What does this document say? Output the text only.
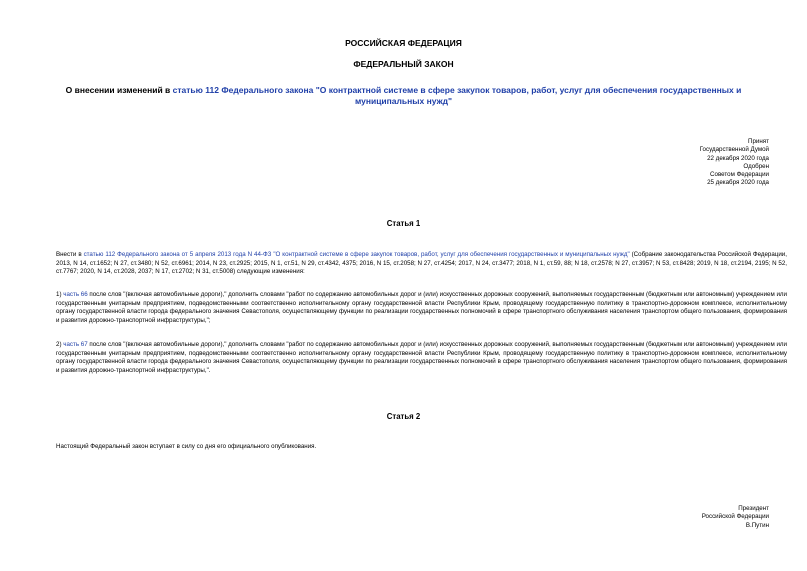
РОССИЙСКАЯ ФЕДЕРАЦИЯ
ФЕДЕРАЛЬНЫЙ ЗАКОН
О внесении изменений в статью 112 Федерального закона "О контрактной системе в сфере закупок товаров, работ, услуг для обеспечения государственных и муниципальных нужд"
Принят
Государственной Думой
22 декабря 2020 года
Одобрен
Советом Федерации
25 декабря 2020 года
Статья 1
Внести в статью 112 Федерального закона от 5 апреля 2013 года N 44-ФЗ "О контрактной системе в сфере закупок товаров, работ, услуг для обеспечения государственных и муниципальных нужд" (Собрание законодательства Российской Федерации, 2013, N 14, ст.1652; N 27, ст.3480; N 52, ст.6961; 2014, N 23, ст.2925; 2015, N 1, ст.51, N 29, ст.4342, 4375; 2016, N 15, ст.2058; N 27, ст.4254; 2017, N 24, ст.3477; 2018, N 1, ст.59, 88; N 18, ст.2578; N 27, ст.3957; N 53, ст.8428; 2019, N 18, ст.2194, 2195; N 52, ст.7767; 2020, N 14, ст.2028, 2037; N 17, ст.2702; N 31, ст.5008) следующие изменения:
1) часть 66 после слов "(включая автомобильные дороги)," дополнить словами "работ по содержанию автомобильных дорог и (или) искусственных дорожных сооружений, выполняемых государственным (бюджетным или автономным) учреждением или государственным унитарным предприятием, подведомственными соответственно исполнительному органу государственной власти Республики Крым, проводящему государственную политику в транспортно-дорожном комплексе, исполнительному органу государственной власти города федерального значения Севастополя, осуществляющему функции по реализации государственных полномочий в сфере транспортного обслуживания населения транспортом общего пользования, формирования и развития дорожно-транспортной инфраструктуры,";
2) часть 67 после слов "(включая автомобильные дороги)," дополнить словами "работ по содержанию автомобильных дорог и (или) искусственных дорожных сооружений, выполняемых государственным (бюджетным или автономным) учреждением или государственным унитарным предприятием, подведомственными соответственно исполнительному органу государственной власти Республики Крым, проводящему государственную политику в транспортно-дорожном комплексе, исполнительному органу государственной власти города федерального значения Севастополя, осуществляющему функции по реализации государственных полномочий в сфере транспортного обслуживания населения транспортом общего пользования, формирования и развития дорожно-транспортной инфраструктуры,".
Статья 2
Настоящий Федеральный закон вступает в силу со дня его официального опубликования.
Президент
Российской Федерации
В.Путин
